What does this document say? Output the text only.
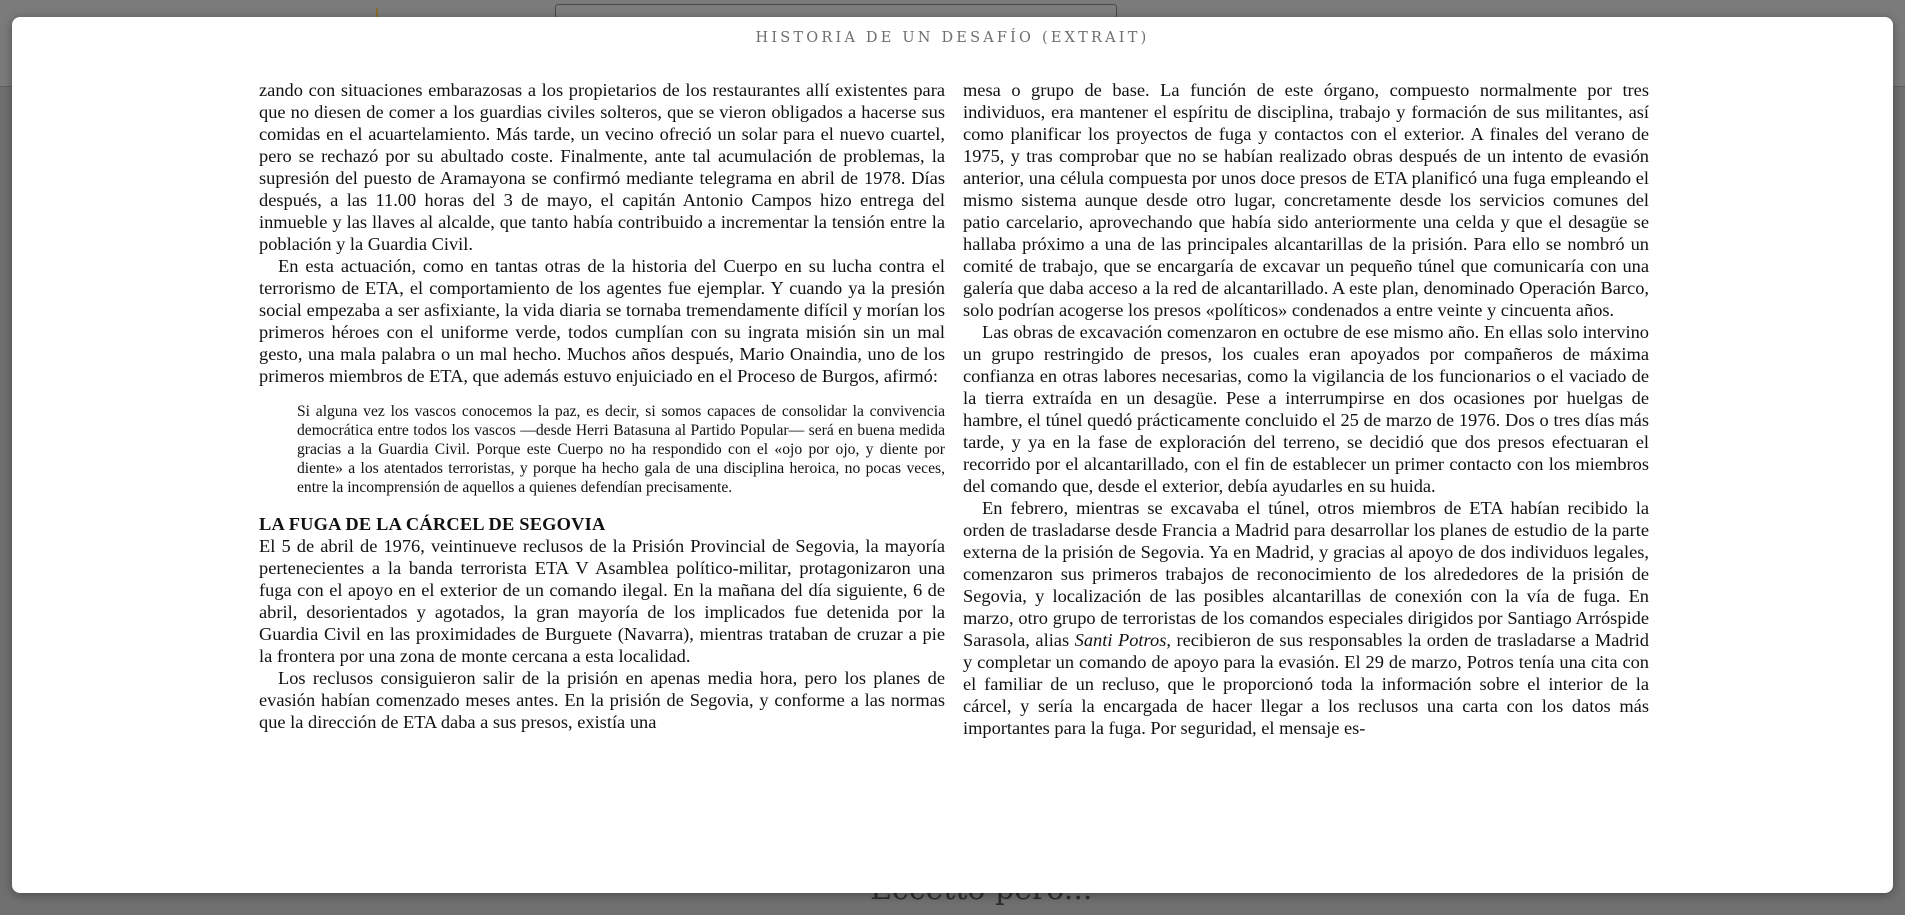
HISTORIA DE UN DESAFÍO (EXTRAIT)

zando con situaciones embarazosas a los propietarios de los restaurantes allí existentes para que no diesen de comer a los guardias civiles solteros, que se vieron obligados a hacerse sus comidas en el acuartelamiento. Más tarde, un vecino ofreció un solar para el nuevo cuartel, pero se rechazó por su abultado coste. Finalmente, ante tal acumulación de problemas, la supresión del puesto de Aramayona se confirmó mediante telegrama en abril de 1978. Días después, a las 11.00 horas del 3 de mayo, el capitán Antonio Campos hizo entrega del inmueble y las llaves al alcalde, que tanto había contribuido a incrementar la tensión entre la población y la Guardia Civil.

En esta actuación, como en tantas otras de la historia del Cuerpo en su lucha contra el terrorismo de ETA, el comportamiento de los agentes fue ejemplar. Y cuando ya la presión social empezaba a ser asfixiante, la vida diaria se tornaba tremendamente difícil y morían los primeros héroes con el uniforme verde, todos cumplían con su ingrata misión sin un mal gesto, una mala palabra o un mal hecho. Muchos años después, Mario Onaindia, uno de los primeros miembros de ETA, que además estuvo enjuiciado en el Proceso de Burgos, afirmó:

Si alguna vez los vascos conocemos la paz, es decir, si somos capaces de consolidar la convivencia democrática entre todos los vascos —desde Herri Batasuna al Partido Popular— será en buena medida gracias a la Guardia Civil. Porque este Cuerpo no ha respondido con el «ojo por ojo, y diente por diente» a los atentados terroristas, y porque ha hecho gala de una disciplina heroica, no pocas veces, entre la incomprensión de aquellos a quienes defendían precisamente.
LA FUGA DE LA CÁRCEL DE SEGOVIA

El 5 de abril de 1976, veintinueve reclusos de la Prisión Provincial de Segovia, la mayoría pertenecientes a la banda terrorista ETA V Asamblea político-militar, protagonizaron una fuga con el apoyo en el exterior de un comando ilegal. En la mañana del día siguiente, 6 de abril, desorientados y agotados, la gran mayoría de los implicados fue detenida por la Guardia Civil en las proximidades de Burguete (Navarra), mientras trataban de cruzar a pie la frontera por una zona de monte cercana a esta localidad.

Los reclusos consiguieron salir de la prisión en apenas media hora, pero los planes de evasión habían comenzado meses antes. En la prisión de Segovia, y conforme a las normas que la dirección de ETA daba a sus presos, existía una

mesa o grupo de base. La función de este órgano, compuesto normalmente por tres individuos, era mantener el espíritu de disciplina, trabajo y formación de sus militantes, así como planificar los proyectos de fuga y contactos con el exterior. A finales del verano de 1975, y tras comprobar que no se habían realizado obras después de un intento de evasión anterior, una célula compuesta por unos doce presos de ETA planificó una fuga empleando el mismo sistema aunque desde otro lugar, concretamente desde los servicios comunes del patio carcelario, aprovechando que había sido anteriormente una celda y que el desagüe se hallaba próximo a una de las principales alcantarillas de la prisión. Para ello se nombró un comité de trabajo, que se encargaría de excavar un pequeño túnel que comunicaría con una galería que daba acceso a la red de alcantarillado. A este plan, denominado Operación Barco, solo podrían acogerse los presos «políticos» condenados a entre veinte y cincuenta años.

Las obras de excavación comenzaron en octubre de ese mismo año. En ellas solo intervino un grupo restringido de presos, los cuales eran apoyados por compañeros de máxima confianza en otras labores necesarias, como la vigilancia de los funcionarios o el vaciado de la tierra extraída en un desagüe. Pese a interrumpirse en dos ocasiones por huelgas de hambre, el túnel quedó prácticamente concluido el 25 de marzo de 1976. Dos o tres días más tarde, y ya en la fase de exploración del terreno, se decidió que dos presos efectuaran el recorrido por el alcantarillado, con el fin de establecer un primer contacto con los miembros del comando que, desde el exterior, debía ayudarles en su huida.

En febrero, mientras se excavaba el túnel, otros miembros de ETA habían recibido la orden de trasladarse desde Francia a Madrid para desarrollar los planes de estudio de la parte externa de la prisión de Segovia. Ya en Madrid, y gracias al apoyo de dos individuos legales, comenzaron sus primeros trabajos de reconocimiento de los alrededores de la prisión de Segovia, y localización de las posibles alcantarillas de conexión con la vía de fuga. En marzo, otro grupo de terroristas de los comandos especiales dirigidos por Santiago Arróspide Sarasola, alias Santi Potros, recibieron de sus responsables la orden de trasladarse a Madrid y completar un comando de apoyo para la evasión. El 29 de marzo, Potros tenía una cita con el familiar de un recluso, que le proporcionó toda la información sobre el interior de la cárcel, y sería la encargada de hacer llegar a los reclusos una carta con los datos más importantes para la fuga. Por seguridad, el mensaje es-
